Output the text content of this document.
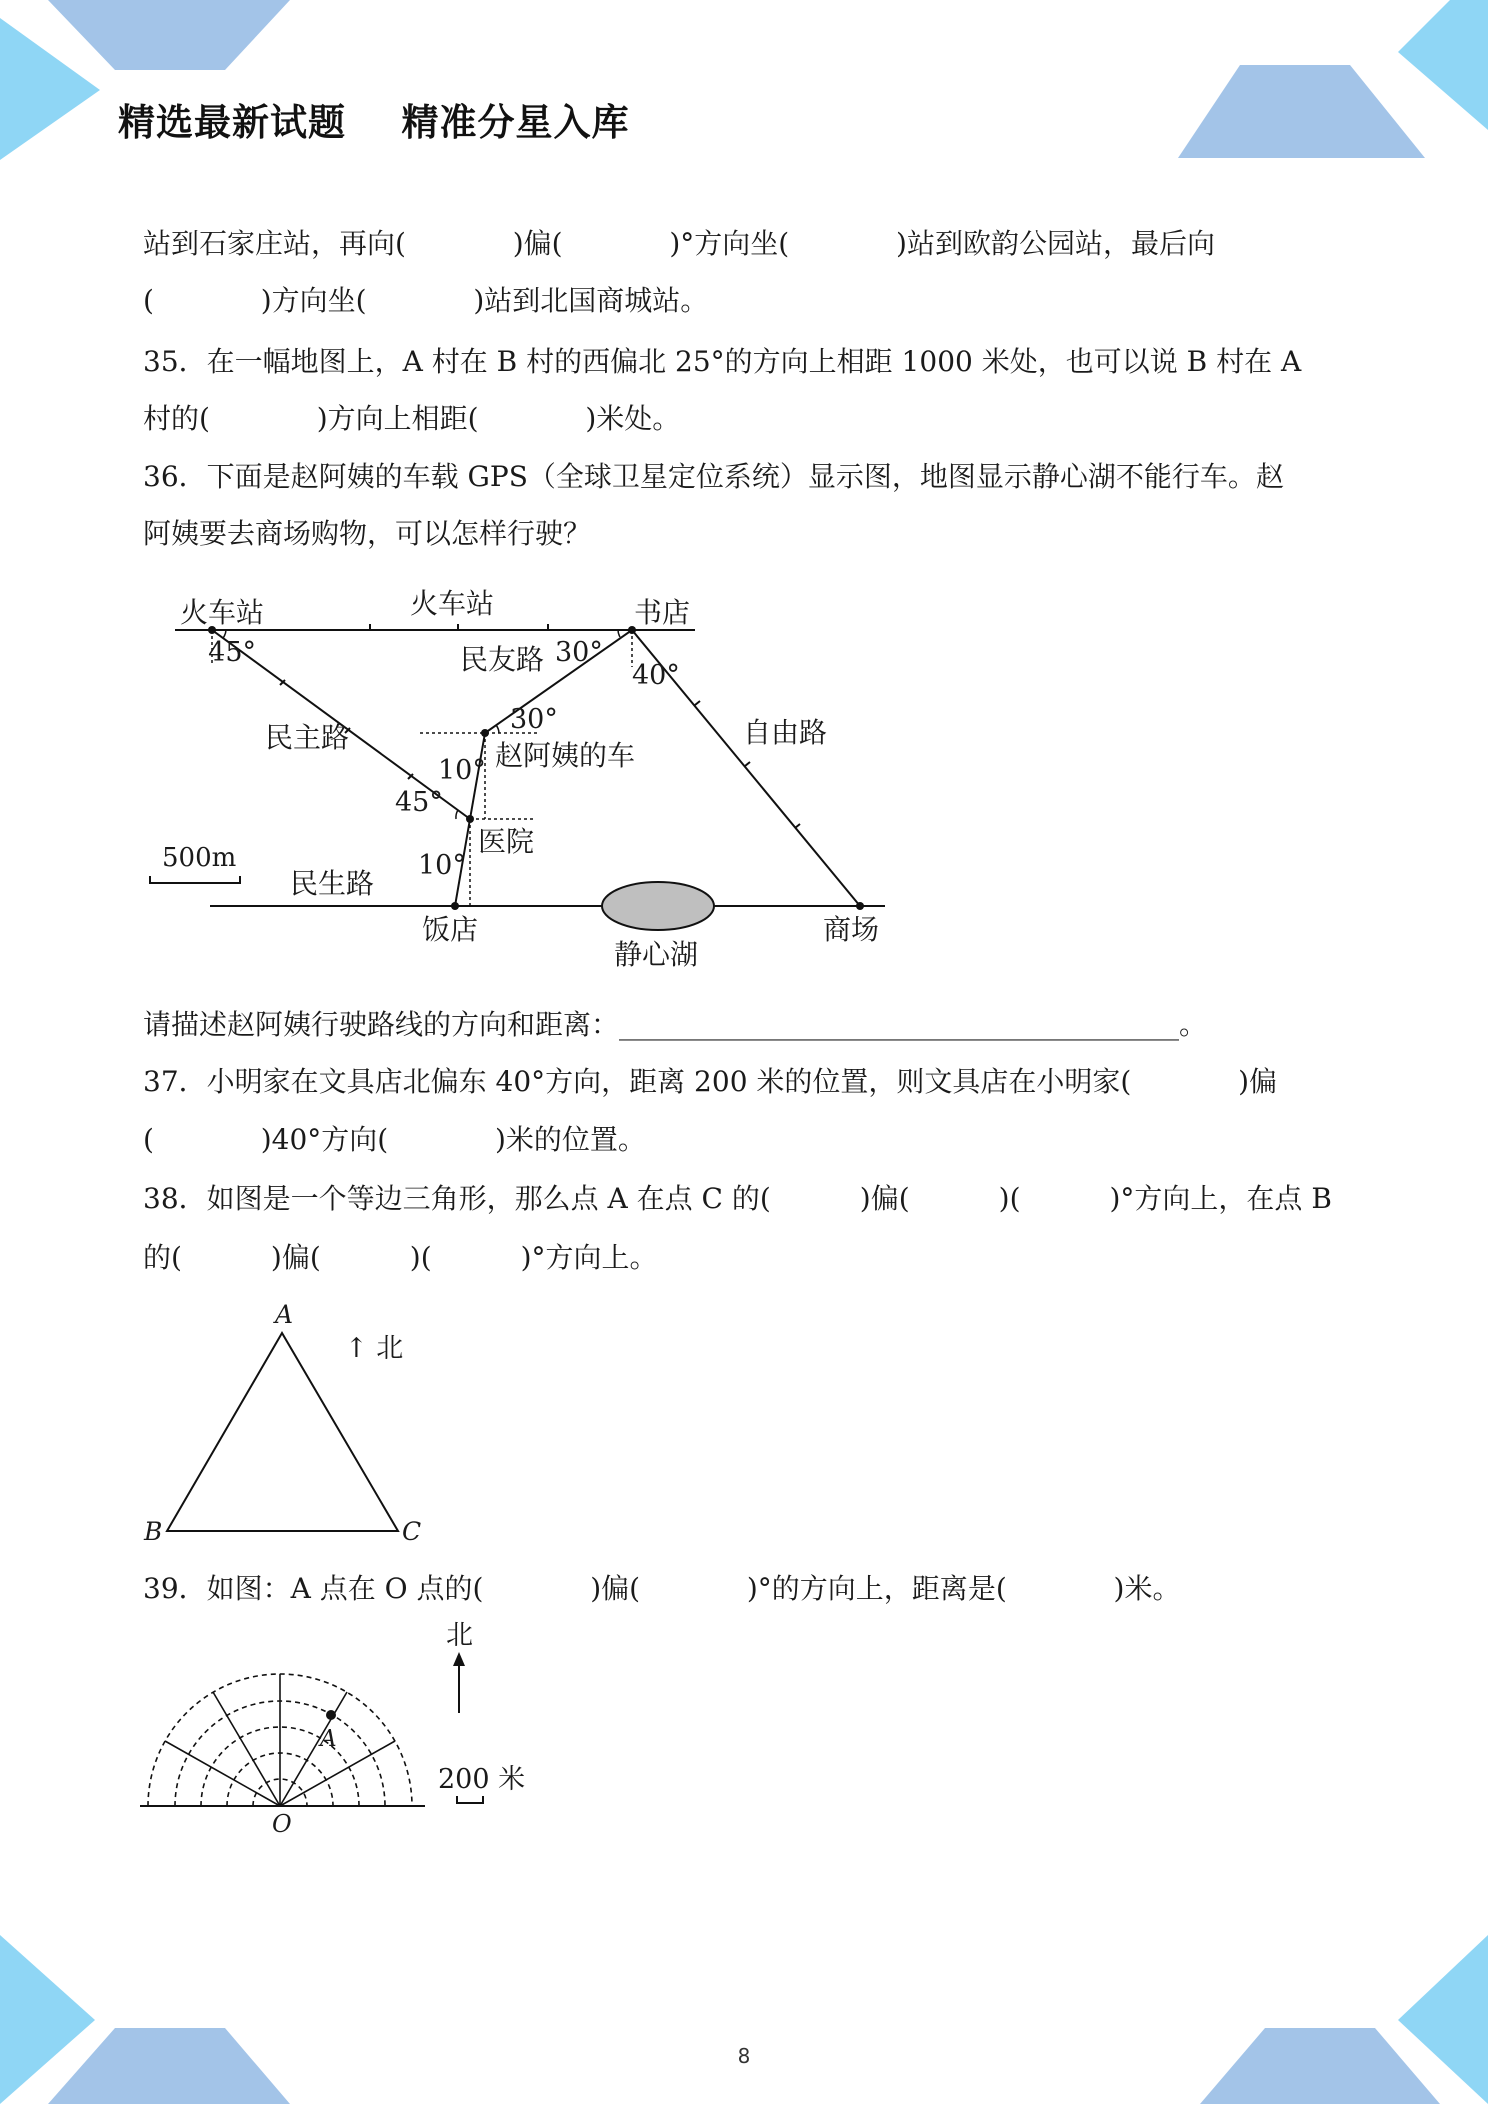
精选最新试题    精准分星入库
站到石家庄站，再向(            )偏(            )°方向坐(            )站到欧韵公园站，最后向
(            )方向坐(            )站到北国商城站。
35．在一幅地图上，A 村在 B 村的西偏北 25°的方向上相距 1000 米处，也可以说 B 村在 A
村的(            )方向上相距(            )米处。
36．下面是赵阿姨的车载 GPS（全球卫星定位系统）显示图，地图显示静心湖不能行车。赵
阿姨要去商场购物，可以怎样行驶？
火车站	火车站	书店
45°	民友路 30°
40°
30°
民主路	自由路
10° 赵阿姨的车
45°
医院
500m	10°
民生路
饭店
静心湖
商场
请描述赵阿姨行驶路线的方向和距离：________________________________________。
37．小明家在文具店北偏东 40°方向，距离 200 米的位置，则文具店在小明家(            )偏
(            )40°方向(            )米的位置。
38．如图是一个等边三角形，那么点 A 在点 C 的(          )偏(          )(          )°方向上，在点 B
的(          )偏(          )(          )°方向上。
A
B	C
↑ 北
39．如图：A 点在 O 点的(            )偏(            )°的方向上，距离是(            )米。
A
O
北
200 米
8
